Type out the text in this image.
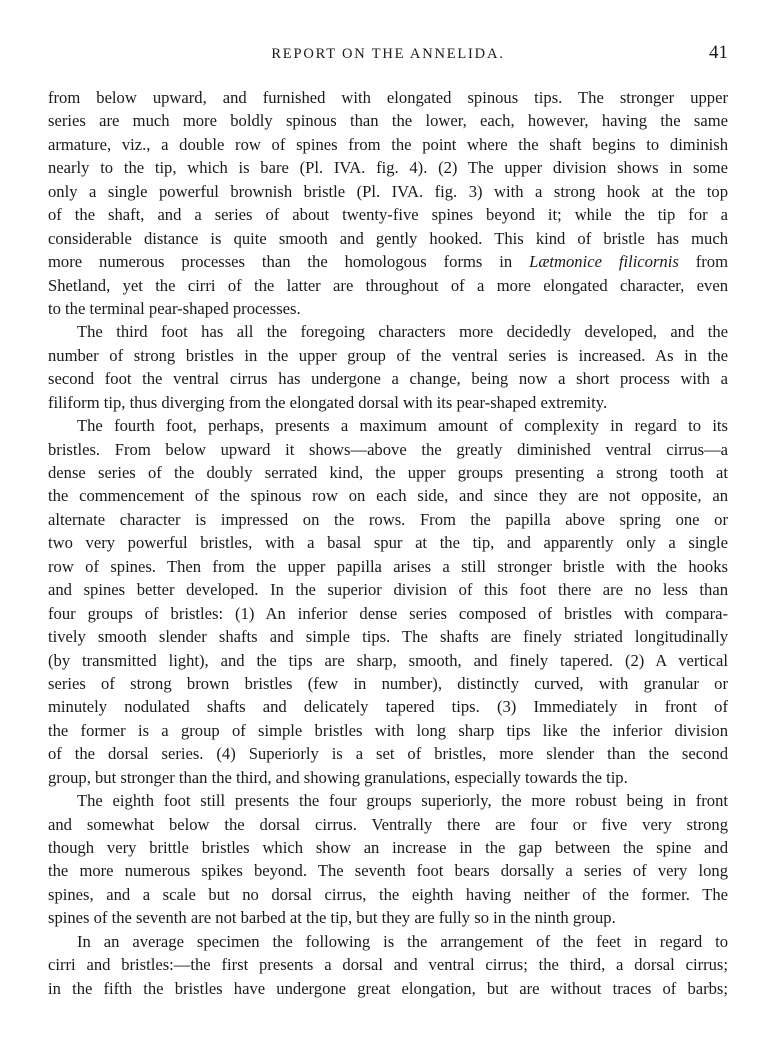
REPORT ON THE ANNELIDA.	41
from below upward, and furnished with elongated spinous tips. The stronger upper
series are much more boldly spinous than the lower, each, however, having the same
armature, viz., a double row of spines from the point where the shaft begins to diminish
nearly to the tip, which is bare (Pl. IVA. fig. 4). (2) The upper division shows in some
only a single powerful brownish bristle (Pl. IVA. fig. 3) with a strong hook at the top
of the shaft, and a series of about twenty-five spines beyond it; while the tip for a
considerable distance is quite smooth and gently hooked. This kind of bristle has much
more numerous processes than the homologous forms in Lætmonice filicornis from
Shetland, yet the cirri of the latter are throughout of a more elongated character, even
to the terminal pear-shaped processes.
The third foot has all the foregoing characters more decidedly developed, and the
number of strong bristles in the upper group of the ventral series is increased. As in the
second foot the ventral cirrus has undergone a change, being now a short process with a
filiform tip, thus diverging from the elongated dorsal with its pear-shaped extremity.
The fourth foot, perhaps, presents a maximum amount of complexity in regard to its
bristles. From below upward it shows—above the greatly diminished ventral cirrus—a
dense series of the doubly serrated kind, the upper groups presenting a strong tooth at
the commencement of the spinous row on each side, and since they are not opposite, an
alternate character is impressed on the rows. From the papilla above spring one or
two very powerful bristles, with a basal spur at the tip, and apparently only a single
row of spines. Then from the upper papilla arises a still stronger bristle with the hooks
and spines better developed. In the superior division of this foot there are no less than
four groups of bristles: (1) An inferior dense series composed of bristles with compara-
tively smooth slender shafts and simple tips. The shafts are finely striated longitudinally
(by transmitted light), and the tips are sharp, smooth, and finely tapered. (2) A vertical
series of strong brown bristles (few in number), distinctly curved, with granular or
minutely nodulated shafts and delicately tapered tips. (3) Immediately in front of
the former is a group of simple bristles with long sharp tips like the inferior division
of the dorsal series. (4) Superiorly is a set of bristles, more slender than the second
group, but stronger than the third, and showing granulations, especially towards the tip.
The eighth foot still presents the four groups superiorly, the more robust being in front
and somewhat below the dorsal cirrus. Ventrally there are four or five very strong
though very brittle bristles which show an increase in the gap between the spine and
the more numerous spikes beyond. The seventh foot bears dorsally a series of very long
spines, and a scale but no dorsal cirrus, the eighth having neither of the former. The
spines of the seventh are not barbed at the tip, but they are fully so in the ninth group.
In an average specimen the following is the arrangement of the feet in regard to
cirri and bristles:—the first presents a dorsal and ventral cirrus; the third, a dorsal cirrus;
in the fifth the bristles have undergone great elongation, but are without traces of barbs;
